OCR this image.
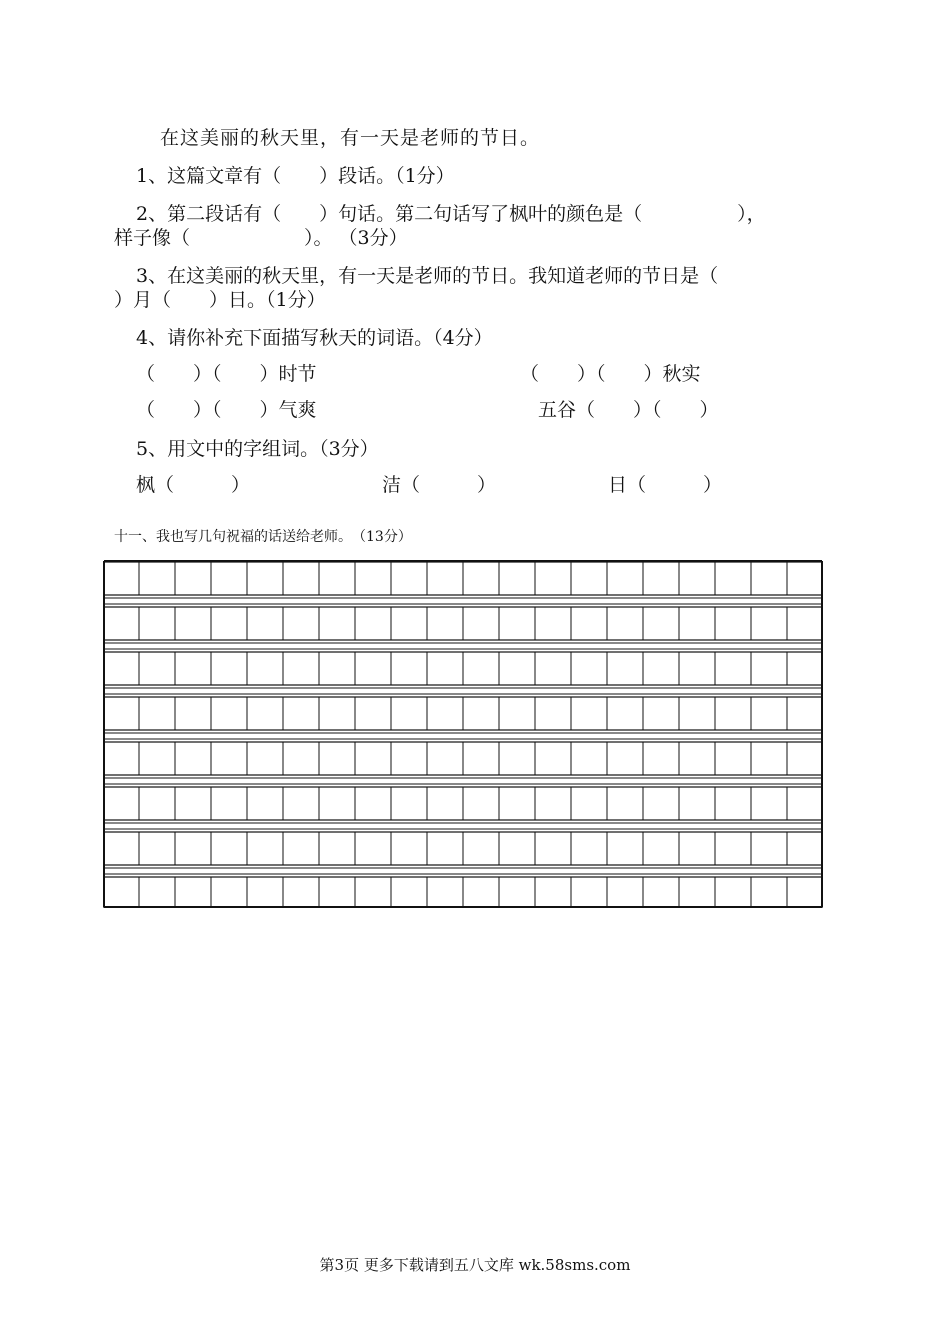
在这美丽的秋天里，有一天是老师的节日。
1、这篇文章有（　　）段话。（1分）
2、第二段话有（　　）句话。第二句话写了枫叶的颜色是（　　　　　），
样子像（　　　　　　）。 （3分）
3、在这美丽的秋天里，有一天是老师的节日。我知道老师的节日是（
）月（　　）日。（1分）
4、请你补充下面描写秋天的词语。（4分）
（　　）（　　）时节	（　　）（　　）秋实
（　　）（　　）气爽	五谷（　　）（　　）
5、用文中的字组词。（3分）
枫（　　　）	洁（　　　）	日（　　　）
十一、我也写几句祝福的话送给老师。　（13分）
第3页 更多下载请到五八文库 wk.58sms.com
